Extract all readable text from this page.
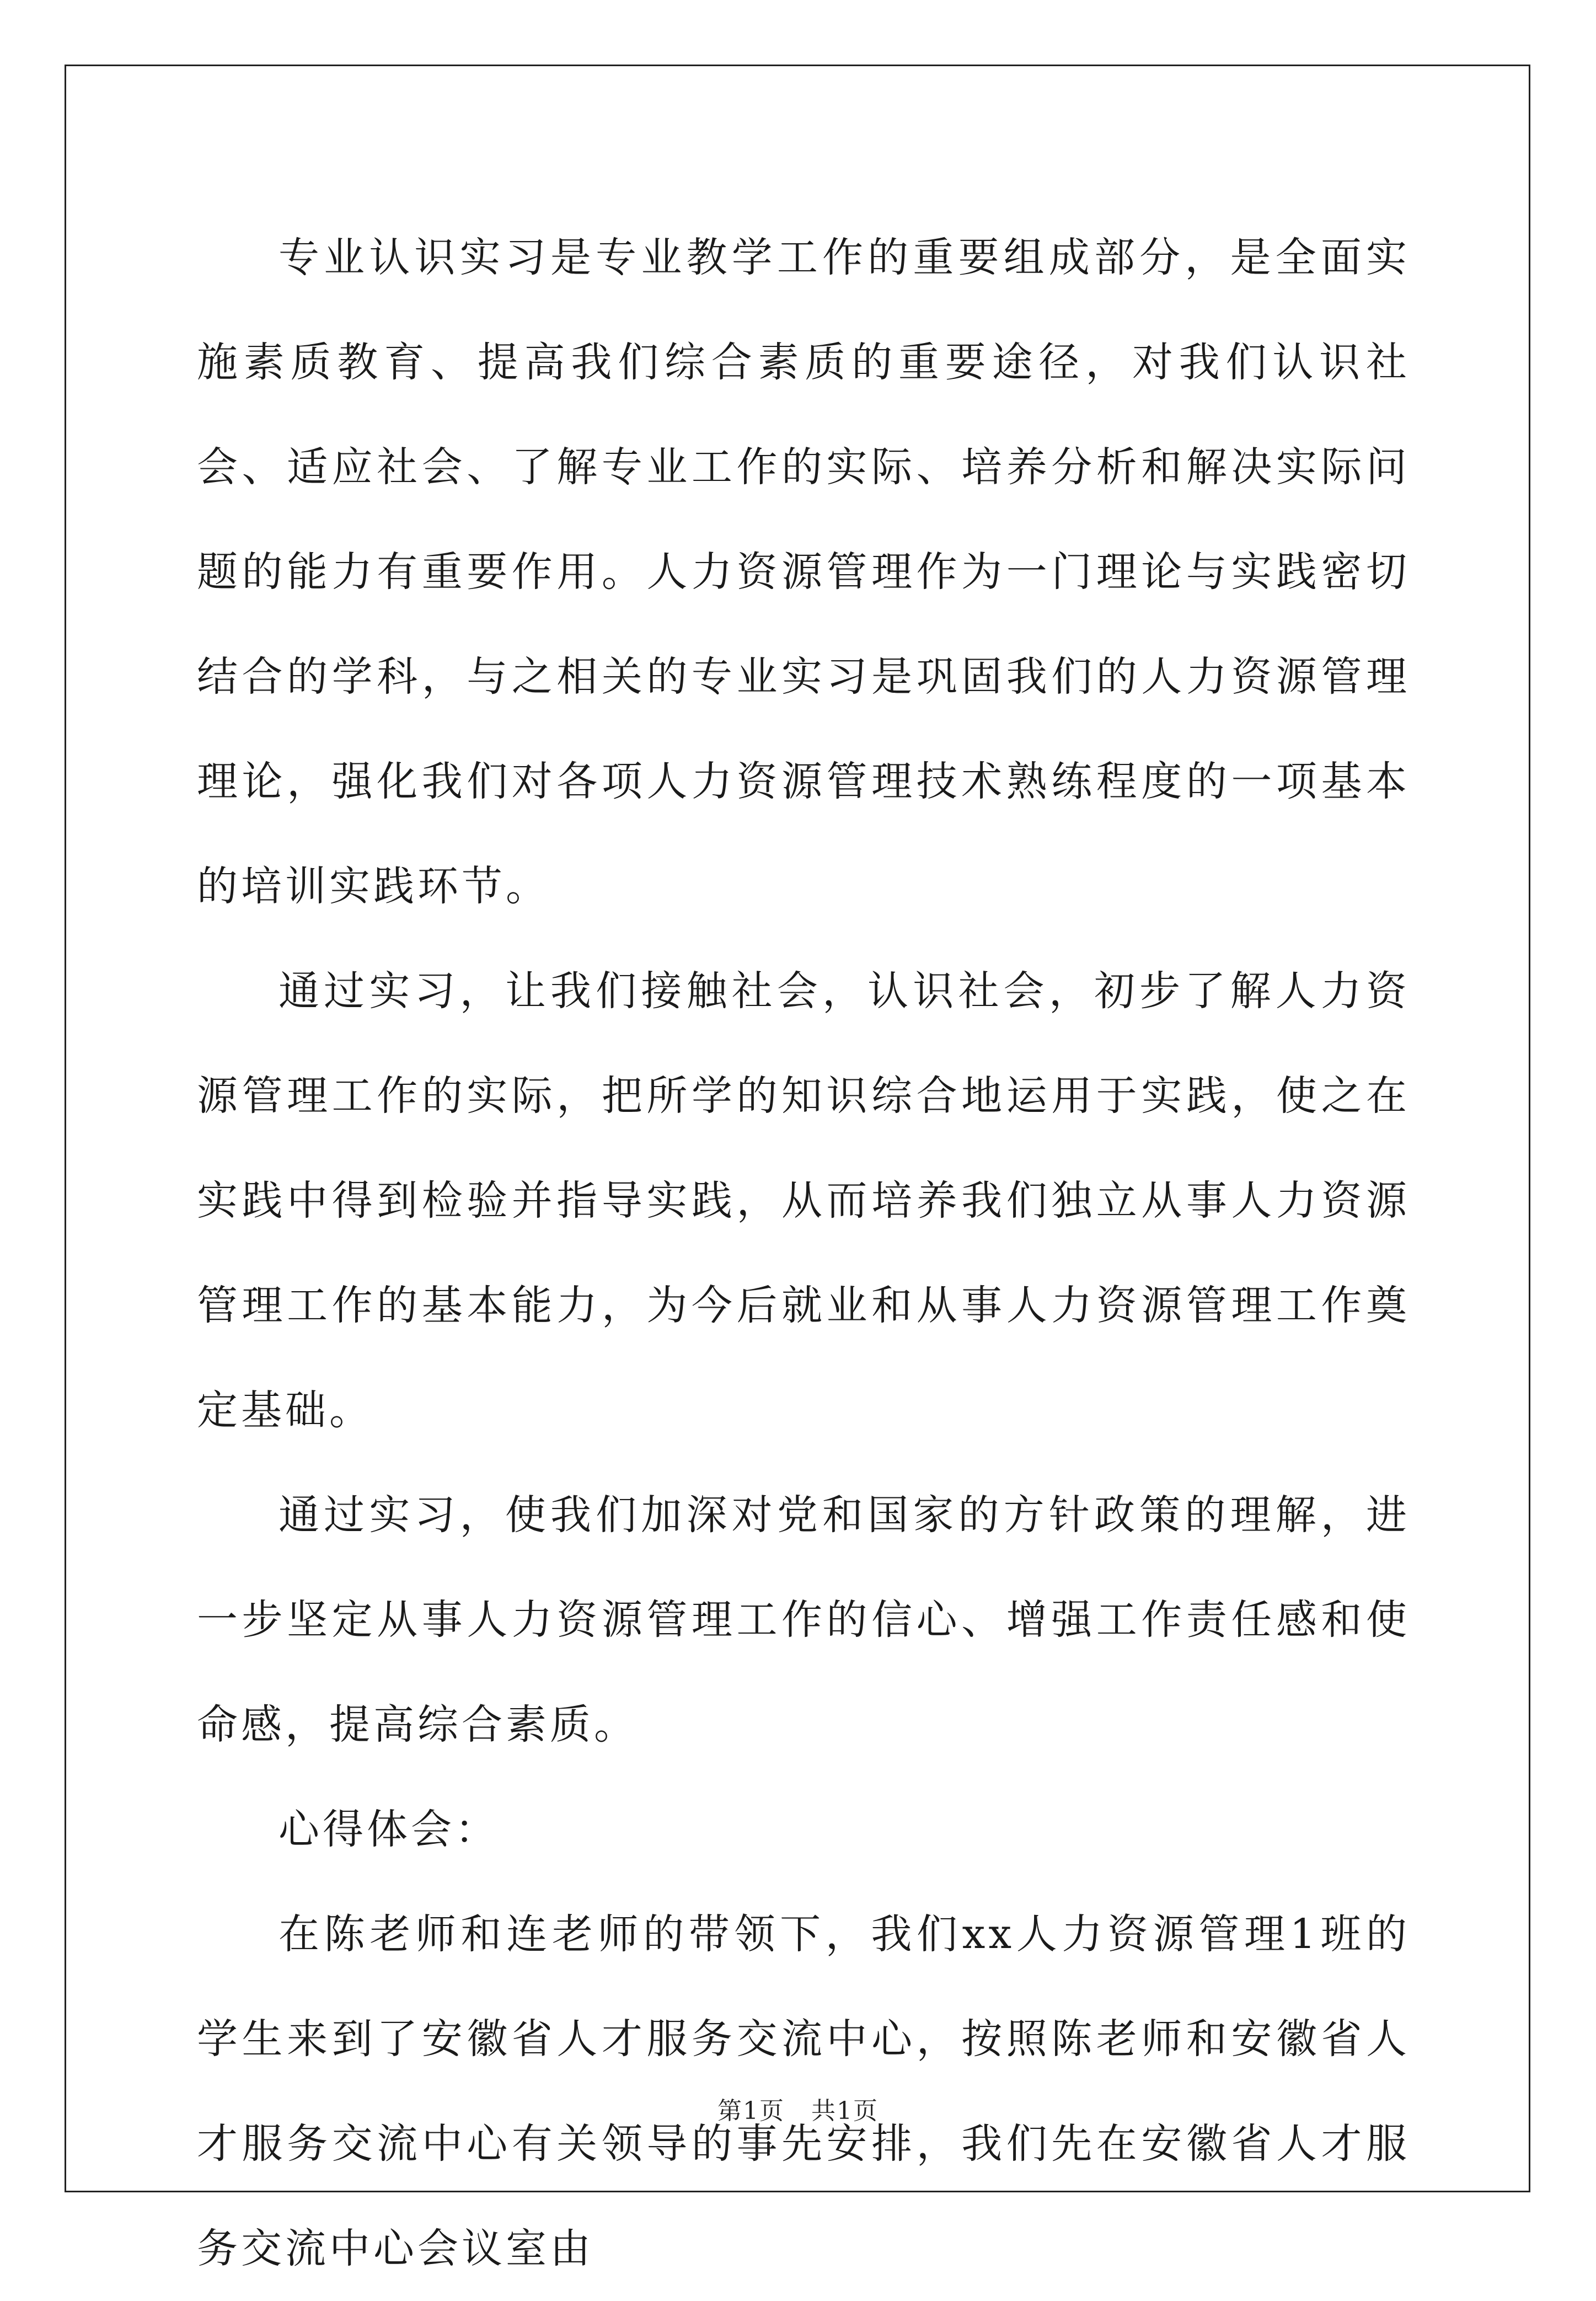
专业认识实习是专业教学工作的重要组成部分，是全面实施素质教育、提高我们综合素质的重要途径，对我们认识社会、适应社会、了解专业工作的实际、培养分析和解决实际问题的能力有重要作用。人力资源管理作为一门理论与实践密切结合的学科，与之相关的专业实习是巩固我们的人力资源管理理论，强化我们对各项人力资源管理技术熟练程度的一项基本的培训实践环节。

通过实习，让我们接触社会，认识社会，初步了解人力资源管理工作的实际，把所学的知识综合地运用于实践，使之在实践中得到检验并指导实践，从而培养我们独立从事人力资源管理工作的基本能力，为今后就业和从事人力资源管理工作奠定基础。

通过实习，使我们加深对党和国家的方针政策的理解，进一步坚定从事人力资源管理工作的信心、增强工作责任感和使命感，提高综合素质。

心得体会：

在陈老师和连老师的带领下，我们xx人力资源管理1班的学生来到了安徽省人才服务交流中心，按照陈老师和安徽省人才服务交流中心有关领导的事先安排，我们先在安徽省人才服务交流中心会议室由

第1页 共1页
